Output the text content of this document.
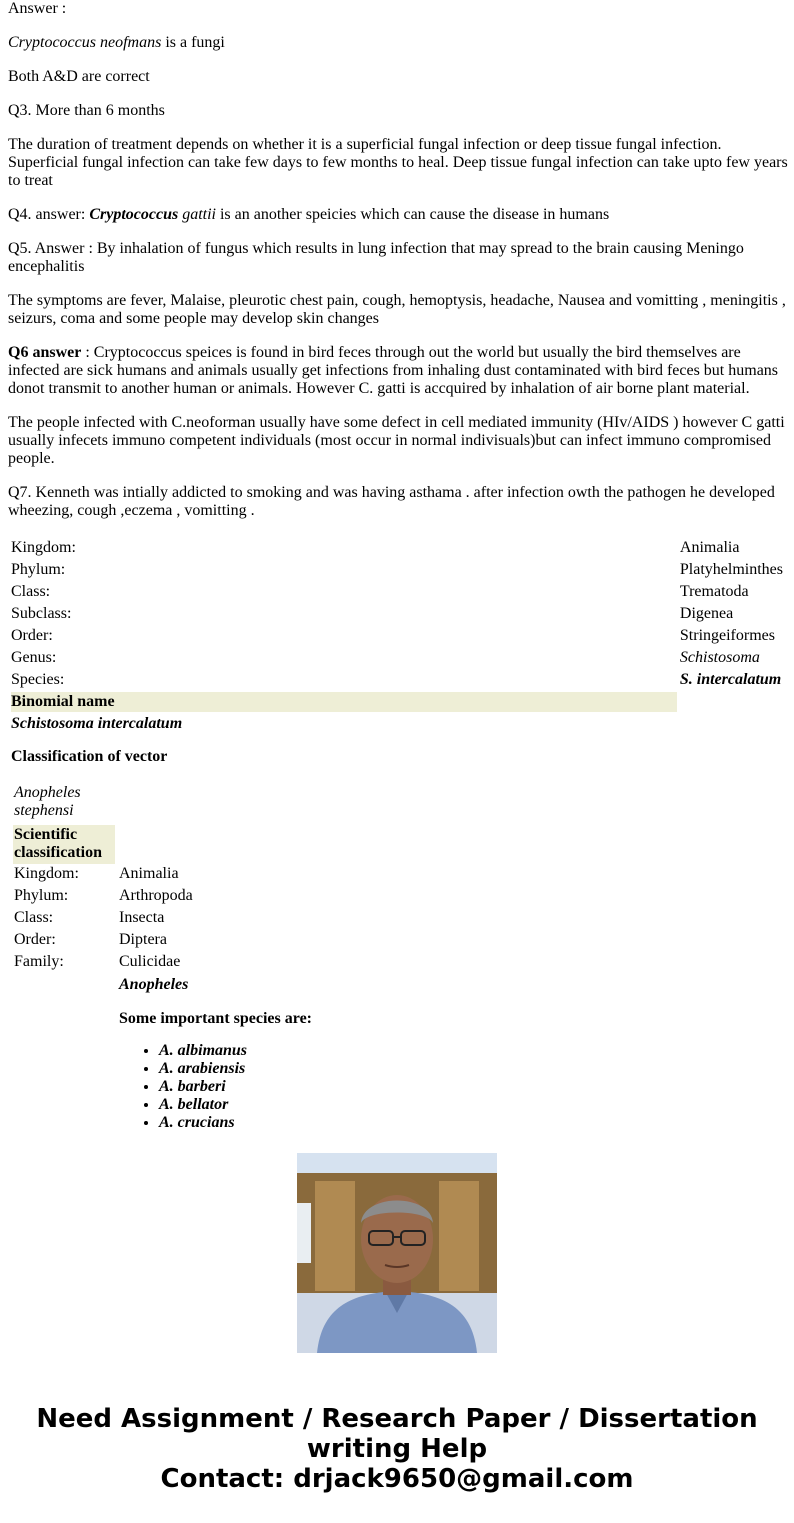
Answer :

Cryptococcus neofmans is a fungi

Both A&D are correct

Q3. More than 6 months

The duration of treatment depends on whether it is a superficial fungal infection or deep tissue fungal infection. Superficial fungal infection can take few days to few months to heal. Deep tissue fungal infection can take upto few years to treat

Q4. answer: Cryptococcus gattii is an another speicies which can cause the disease in humans

Q5. Answer : By inhalation of fungus which results in lung infection that may spread to the brain causing Meningo encephalitis

The symptoms are fever, Malaise, pleurotic chest pain, cough, hemoptysis, headache, Nausea and vomitting , meningitis , seizurs, coma and some people may develop skin changes

Q6 answer : Cryptococcus speices is found in bird feces through out the world but usually the bird themselves are infected are sick humans and animals usually get infections from inhaling dust contaminated with bird feces but humans donot transmit to another human or animals. However C. gatti is accquired by inhalation of air borne plant material.

The people infected with C.neoforman usually have some defect in cell mediated immunity (HIv/AIDS ) however C gatti usually infecets immuno competent individuals (most occur in normal indivisuals)but can infect immuno compromised people.

Q7. Kenneth was intially addicted to smoking and was having asthama . after infection owth the pathogen he developed wheezing, cough ,eczema , vomitting .

Kingdom:	Animalia
Phylum:	Platyhelminthes
Class:	Trematoda
Subclass:	Digenea
Order:	Stringeiformes
Genus:	Schistosoma
Species:	S. intercalatum
Binomial name	
Schistosoma intercalatum	
Classification of vector
Anopheles stephensi
Scientific classification
Kingdom:	Animalia
Phylum:	Arthropoda
Class:	Insecta
Order:	Diptera
Family:	Culicidae
Anopheles
Some important species are:
• A. albimanus
• A. arabiensis
• A. barberi
• A. bellator
• A. crucians
Need Assignment / Research Paper / Dissertation
writing Help
Contact: drjack9650@gmail.com
